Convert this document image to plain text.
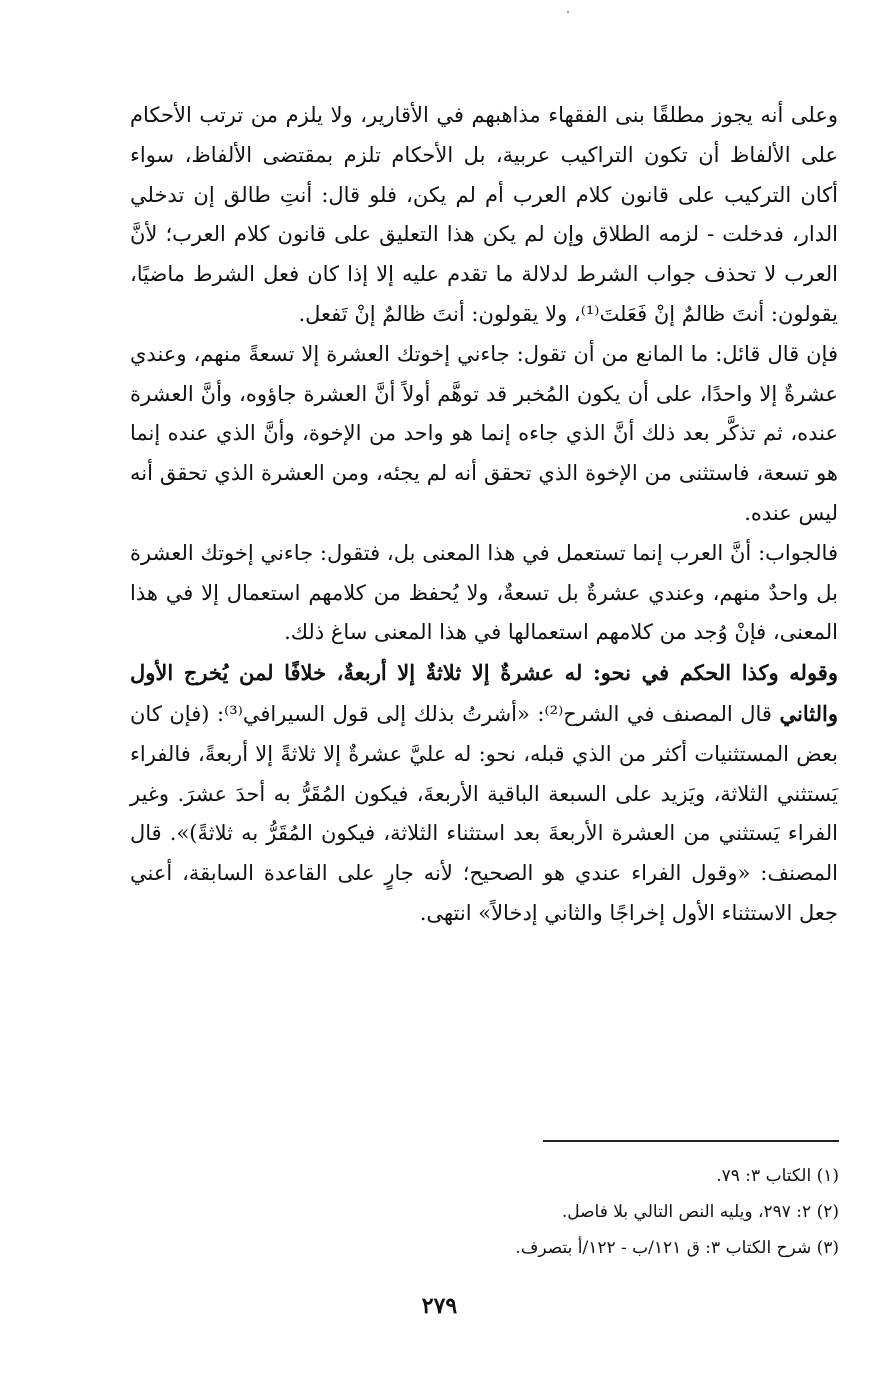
وعلى أنه يجوز مطلقًا بنى الفقهاء مذاهبهم في الأقارير، ولا يلزم من ترتب الأحكام على الألفاظ أن تكون التراكيب عربية، بل الأحكام تلزم بمقتضى الألفاظ، سواء أكان التركيب على قانون كلام العرب أم لم يكن، فلو قال: أنتِ طالق إن تدخلي الدار، فدخلت - لزمه الطلاق وإن لم يكن هذا التعليق على قانون كلام العرب؛ لأنَّ العرب لا تحذف جواب الشرط لدلالة ما تقدم عليه إلا إذا كان فعل الشرط ماضيًا، يقولون: أنتَ ظالمٌ إنْ فَعَلتَ⁽¹⁾، ولا يقولون: أنتَ ظالمٌ إنْ تَفعل.

فإن قال قائل: ما المانع من أن تقول: جاءني إخوتك العشرة إلا تسعةً منهم، وعندي عشرةٌ إلا واحدًا، على أن يكون المُخبر قد توهَّم أولاً أنَّ العشرة جاؤوه، وأنَّ العشرة عنده، ثم تذكَّر بعد ذلك أنَّ الذي جاءه إنما هو واحد من الإخوة، وأنَّ الذي عنده إنما هو تسعة، فاستثنى من الإخوة الذي تحقق أنه لم يجئه، ومن العشرة الذي تحقق أنه ليس عنده.

فالجواب: أنَّ العرب إنما تستعمل في هذا المعنى بل، فتقول: جاءني إخوتك العشرة بل واحدٌ منهم، وعندي عشرةٌ بل تسعةٌ، ولا يُحفظ من كلامهم استعمال إلا في هذا المعنى، فإنْ وُجد من كلامهم استعمالها في هذا المعنى ساغ ذلك.

وقوله وكذا الحكم في نحو: له عشرةٌ إلا ثلاثةٌ إلا أربعةٌ، خلافًا لمن يُخرج الأول والثاني قال المصنف في الشرح⁽²⁾: «أشرتُ بذلك إلى قول السيرافي⁽³⁾: (فإن كان بعض المستثنيات أكثر من الذي قبله، نحو: له عليَّ عشرةٌ إلا ثلاثةً إلا أربعةً، فالفراء يَستثني الثلاثة، ويَزيد على السبعة الباقية الأربعةَ، فيكون المُقَرُّ به أحدَ عشرَ. وغير الفراء يَستثني من العشرة الأربعةَ بعد استثناء الثلاثة، فيكون المُقَرُّ به ثلاثةً)». قال المصنف: «وقول الفراء عندي هو الصحيح؛ لأنه جارٍ على القاعدة السابقة، أعني جعل الاستثناء الأول إخراجًا والثاني إدخالاً» انتهى.

(١) الكتاب ٣: ٧٩.
(٢) ٢: ٢٩٧، ويليه النص التالي بلا فاصل.
(٣) شرح الكتاب ٣: ق ١٢١/ب - ١٢٢/أ بتصرف.
٢٧٩
